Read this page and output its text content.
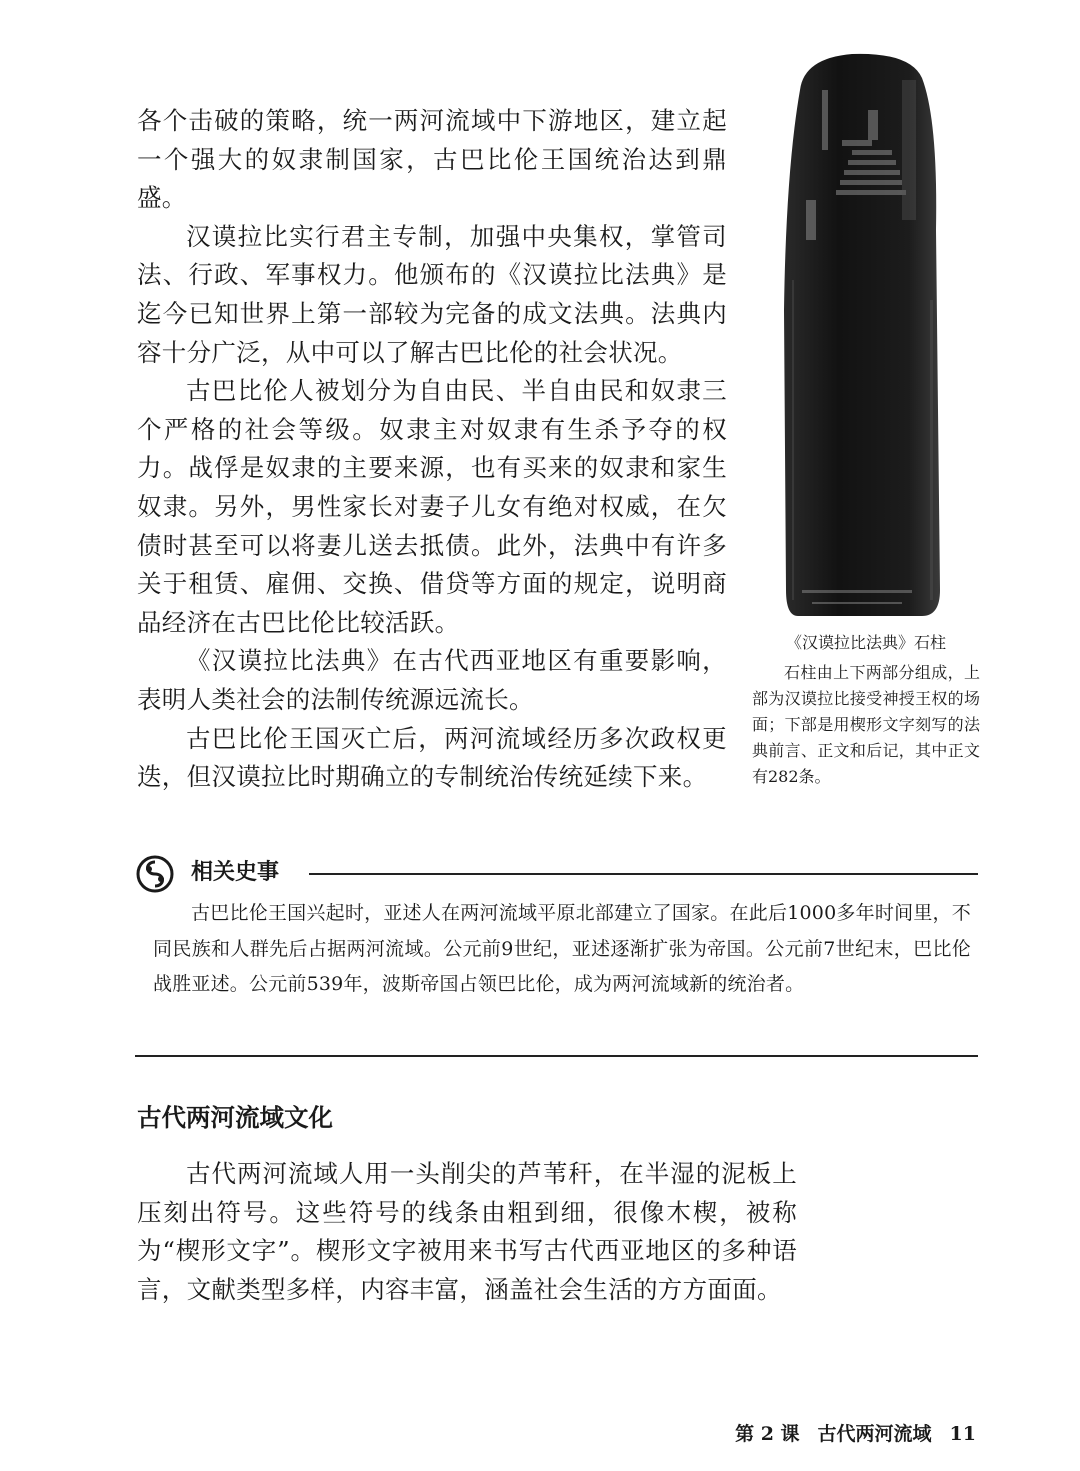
各个击破的策略，统一两河流域中下游地区，建立起一个强大的奴隶制国家，古巴比伦王国统治达到鼎盛。

汉谟拉比实行君主专制，加强中央集权，掌管司法、行政、军事权力。他颁布的《汉谟拉比法典》是迄今已知世界上第一部较为完备的成文法典。法典内容十分广泛，从中可以了解古巴比伦的社会状况。

古巴比伦人被划分为自由民、半自由民和奴隶三个严格的社会等级。奴隶主对奴隶有生杀予夺的权力。战俘是奴隶的主要来源，也有买来的奴隶和家生奴隶。另外，男性家长对妻子儿女有绝对权威，在欠债时甚至可以将妻儿送去抵债。此外，法典中有许多关于租赁、雇佣、交换、借贷等方面的规定，说明商品经济在古巴比伦比较活跃。

《汉谟拉比法典》在古代西亚地区有重要影响，表明人类社会的法制传统源远流长。

古巴比伦王国灭亡后，两河流域经历多次政权更迭，但汉谟拉比时期确立的专制统治传统延续下来。

《汉谟拉比法典》石柱

石柱由上下两部分组成，上部为汉谟拉比接受神授王权的场面；下部是用楔形文字刻写的法典前言、正文和后记，其中正文有282条。

相关史事

古巴比伦王国兴起时，亚述人在两河流域平原北部建立了国家。在此后1000多年时间里，不同民族和人群先后占据两河流域。公元前9世纪，亚述逐渐扩张为帝国。公元前7世纪末，巴比伦战胜亚述。公元前539年，波斯帝国占领巴比伦，成为两河流域新的统治者。

古代两河流域文化

古代两河流域人用一头削尖的芦苇秆，在半湿的泥板上压刻出符号。这些符号的线条由粗到细，很像木楔，被称为“楔形文字”。楔形文字被用来书写古代西亚地区的多种语言，文献类型多样，内容丰富，涵盖社会生活的方方面面。

第 2 课 古代两河流域 11
